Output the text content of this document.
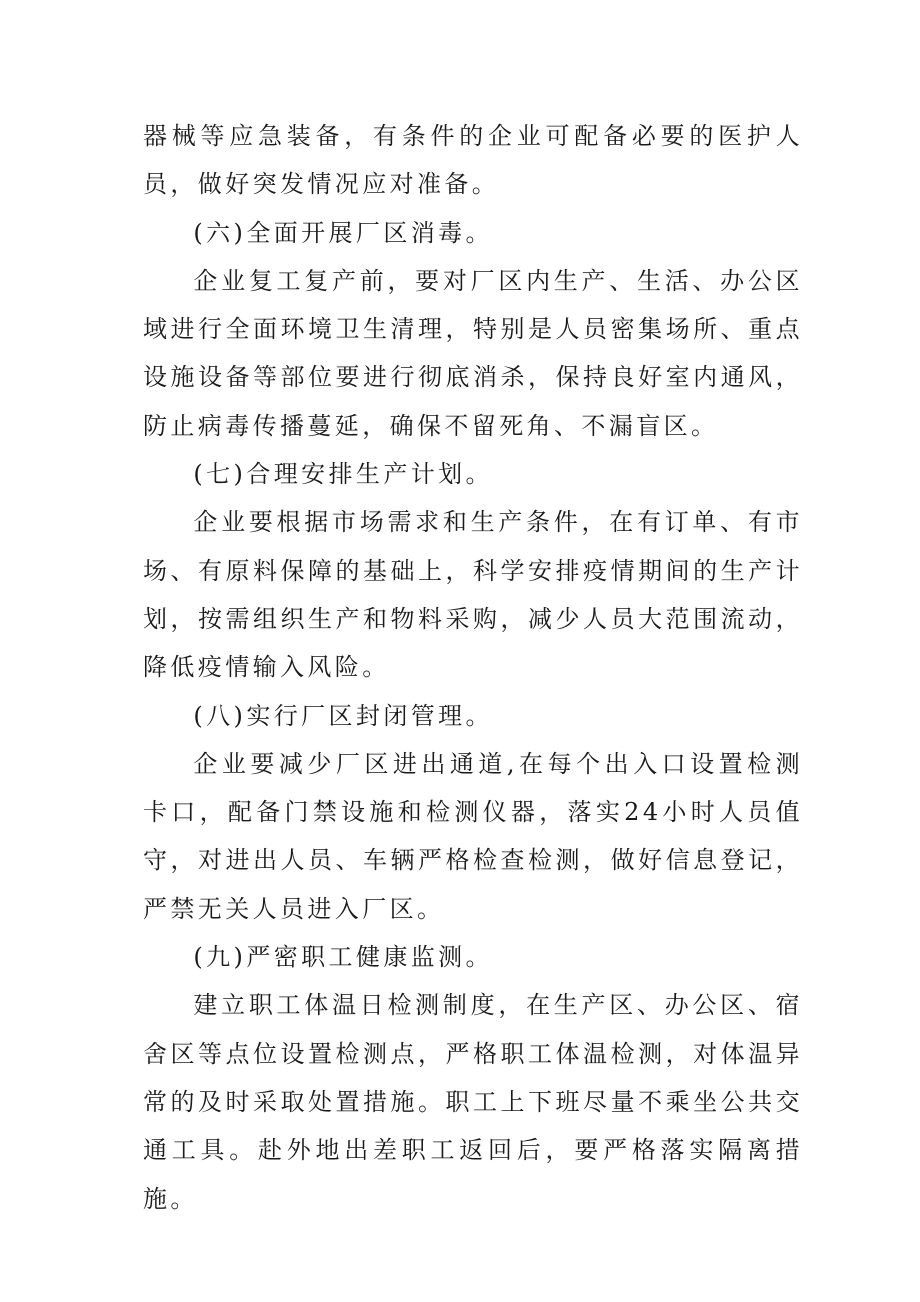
器械等应急装备，有条件的企业可配备必要的医护人员，做好突发情况应对准备。

(六)全面开展厂区消毒。

企业复工复产前，要对厂区内生产、生活、办公区域进行全面环境卫生清理，特别是人员密集场所、重点设施设备等部位要进行彻底消杀，保持良好室内通风，防止病毒传播蔓延，确保不留死角、不漏盲区。

(七)合理安排生产计划。

企业要根据市场需求和生产条件，在有订单、有市场、有原料保障的基础上，科学安排疫情期间的生产计划，按需组织生产和物料采购，减少人员大范围流动，降低疫情输入风险。

(八)实行厂区封闭管理。

企业要减少厂区进出通道,在每个出入口设置检测卡口，配备门禁设施和检测仪器，落实24小时人员值守，对进出人员、车辆严格检查检测，做好信息登记，严禁无关人员进入厂区。

(九)严密职工健康监测。

建立职工体温日检测制度，在生产区、办公区、宿舍区等点位设置检测点，严格职工体温检测，对体温异常的及时采取处置措施。职工上下班尽量不乘坐公共交通工具。赴外地出差职工返回后，要严格落实隔离措施。
